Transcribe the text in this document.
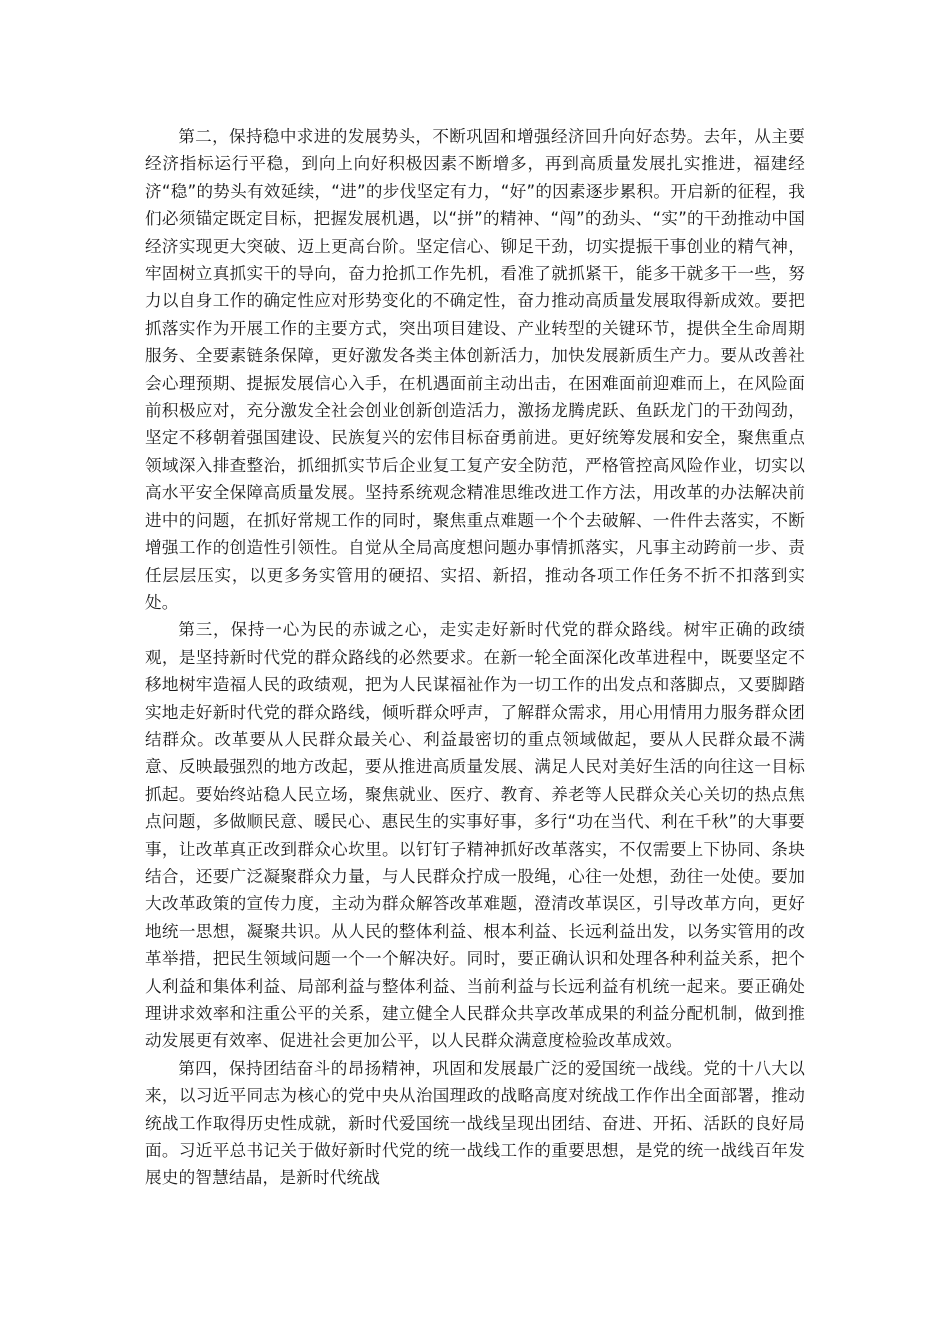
第二，保持稳中求进的发展势头，不断巩固和增强经济回升向好态势。去年，从主要经济指标运行平稳，到向上向好积极因素不断增多，再到高质量发展扎实推进，福建经济“稳”的势头有效延续，“进”的步伐坚定有力，“好”的因素逐步累积。开启新的征程，我们必须锚定既定目标，把握发展机遇，以“拼”的精神、“闯”的劲头、“实”的干劲推动中国经济实现更大突破、迈上更高台阶。坚定信心、铆足干劲，切实提振干事创业的精气神，牢固树立真抓实干的导向，奋力抢抓工作先机，看准了就抓紧干，能多干就多干一些，努力以自身工作的确定性应对形势变化的不确定性，奋力推动高质量发展取得新成效。要把抓落实作为开展工作的主要方式，突出项目建设、产业转型的关键环节，提供全生命周期服务、全要素链条保障，更好激发各类主体创新活力，加快发展新质生产力。要从改善社会心理预期、提振发展信心入手，在机遇面前主动出击，在困难面前迎难而上，在风险面前积极应对，充分激发全社会创业创新创造活力，激扬龙腾虎跃、鱼跃龙门的干劲闯劲，坚定不移朝着强国建设、民族复兴的宏伟目标奋勇前进。更好统筹发展和安全，聚焦重点领域深入排查整治，抓细抓实节后企业复工复产安全防范，严格管控高风险作业，切实以高水平安全保障高质量发展。坚持系统观念精准思维改进工作方法，用改革的办法解决前进中的问题，在抓好常规工作的同时，聚焦重点难题一个个去破解、一件件去落实，不断增强工作的创造性引领性。自觉从全局高度想问题办事情抓落实，凡事主动跨前一步、责任层层压实，以更多务实管用的硬招、实招、新招，推动各项工作任务不折不扣落到实处。

第三，保持一心为民的赤诚之心，走实走好新时代党的群众路线。树牢正确的政绩观，是坚持新时代党的群众路线的必然要求。在新一轮全面深化改革进程中，既要坚定不移地树牢造福人民的政绩观，把为人民谋福祉作为一切工作的出发点和落脚点，又要脚踏实地走好新时代党的群众路线，倾听群众呼声，了解群众需求，用心用情用力服务群众团结群众。改革要从人民群众最关心、利益最密切的重点领域做起，要从人民群众最不满意、反映最强烈的地方改起，要从推进高质量发展、满足人民对美好生活的向往这一目标抓起。要始终站稳人民立场，聚焦就业、医疗、教育、养老等人民群众关心关切的热点焦点问题，多做顺民意、暖民心、惠民生的实事好事，多行“功在当代、利在千秋”的大事要事，让改革真正改到群众心坎里。以钉钉子精神抓好改革落实，不仅需要上下协同、条块结合，还要广泛凝聚群众力量，与人民群众拧成一股绳，心往一处想，劲往一处使。要加大改革政策的宣传力度，主动为群众解答改革难题，澄清改革误区，引导改革方向，更好地统一思想，凝聚共识。从人民的整体利益、根本利益、长远利益出发，以务实管用的改革举措，把民生领域问题一个一个解决好。同时，要正确认识和处理各种利益关系，把个人利益和集体利益、局部利益与整体利益、当前利益与长远利益有机统一起来。要正确处理讲求效率和注重公平的关系，建立健全人民群众共享改革成果的利益分配机制，做到推动发展更有效率、促进社会更加公平，以人民群众满意度检验改革成效。

第四，保持团结奋斗的昂扬精神，巩固和发展最广泛的爱国统一战线。党的十八大以来，以习近平同志为核心的党中央从治国理政的战略高度对统战工作作出全面部署，推动统战工作取得历史性成就，新时代爱国统一战线呈现出团结、奋进、开拓、活跃的良好局面。习近平总书记关于做好新时代党的统一战线工作的重要思想，是党的统一战线百年发展史的智慧结晶，是新时代统战
